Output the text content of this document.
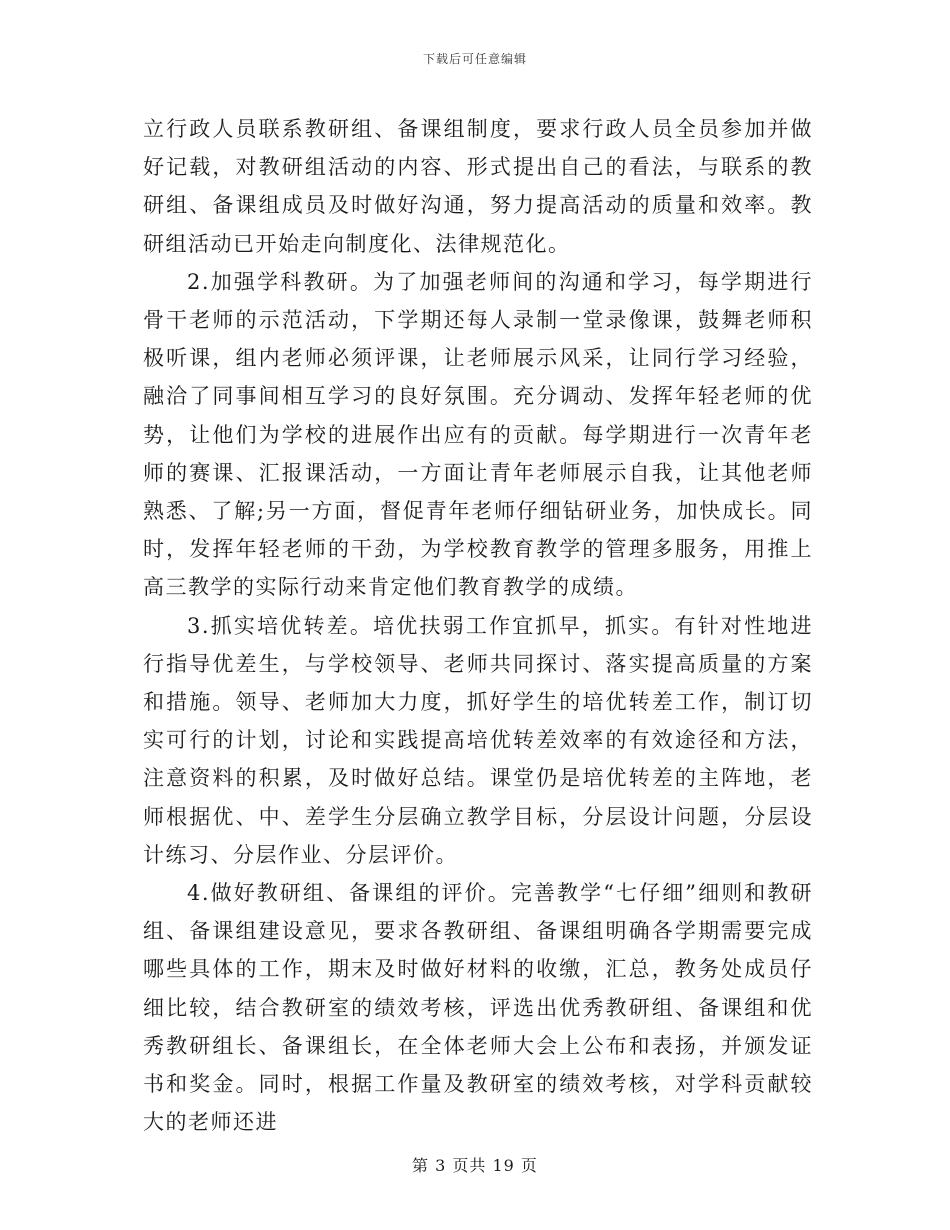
下载后可任意编辑

立行政人员联系教研组、备课组制度，要求行政人员全员参加并做好记载，对教研组活动的内容、形式提出自己的看法，与联系的教研组、备课组成员及时做好沟通，努力提高活动的质量和效率。教研组活动已开始走向制度化、法律规范化。

2.加强学科教研。为了加强老师间的沟通和学习，每学期进行骨干老师的示范活动，下学期还每人录制一堂录像课，鼓舞老师积极听课，组内老师必须评课，让老师展示风采，让同行学习经验，融洽了同事间相互学习的良好氛围。充分调动、发挥年轻老师的优势，让他们为学校的进展作出应有的贡献。每学期进行一次青年老师的赛课、汇报课活动，一方面让青年老师展示自我，让其他老师熟悉、了解;另一方面，督促青年老师仔细钻研业务，加快成长。同时，发挥年轻老师的干劲，为学校教育教学的管理多服务，用推上高三教学的实际行动来肯定他们教育教学的成绩。

3.抓实培优转差。培优扶弱工作宜抓早，抓实。有针对性地进行指导优差生，与学校领导、老师共同探讨、落实提高质量的方案和措施。领导、老师加大力度，抓好学生的培优转差工作，制订切实可行的计划，讨论和实践提高培优转差效率的有效途径和方法，注意资料的积累，及时做好总结。课堂仍是培优转差的主阵地，老师根据优、中、差学生分层确立教学目标，分层设计问题，分层设计练习、分层作业、分层评价。

4.做好教研组、备课组的评价。完善教学“七仔细”细则和教研组、备课组建设意见，要求各教研组、备课组明确各学期需要完成哪些具体的工作，期末及时做好材料的收缴，汇总，教务处成员仔细比较，结合教研室的绩效考核，评选出优秀教研组、备课组和优秀教研组长、备课组长，在全体老师大会上公布和表扬，并颁发证书和奖金。同时，根据工作量及教研室的绩效考核，对学科贡献较大的老师还进

第 3 页共 19 页
